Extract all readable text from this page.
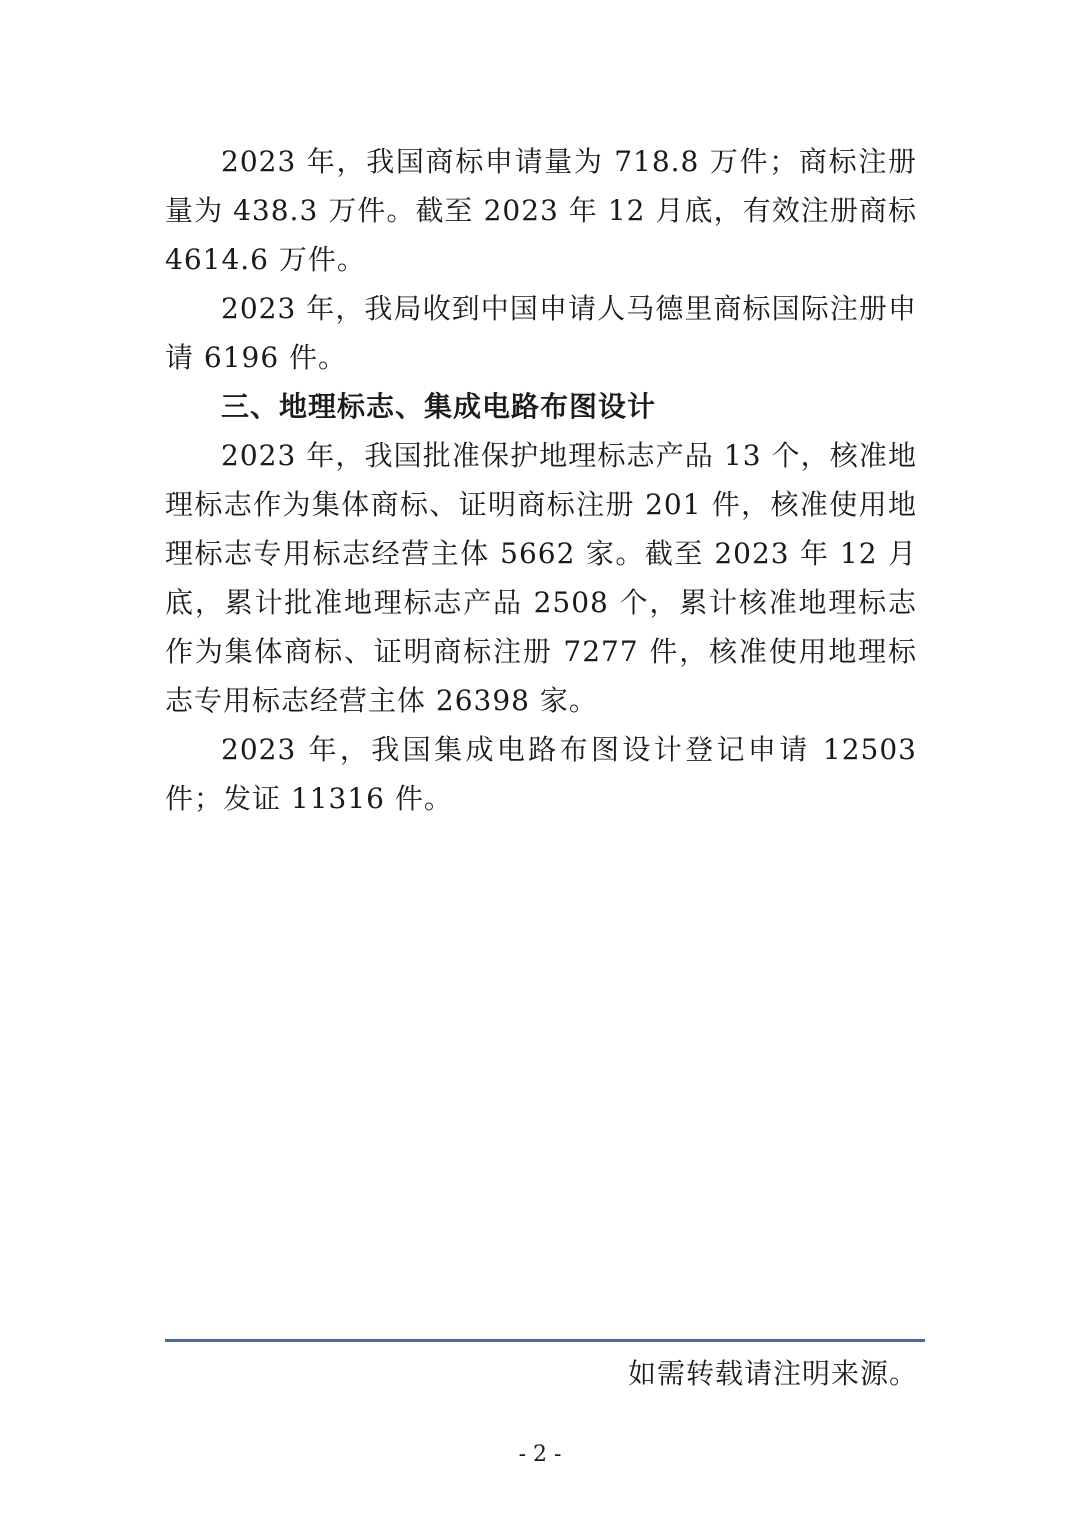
2023 年，我国商标申请量为 718.8 万件；商标注册量为 438.3 万件。截至 2023 年 12 月底，有效注册商标 4614.6 万件。

2023 年，我局收到中国申请人马德里商标国际注册申请 6196 件。

三、地理标志、集成电路布图设计

2023 年，我国批准保护地理标志产品 13 个，核准地理标志作为集体商标、证明商标注册 201 件，核准使用地理标志专用标志经营主体 5662 家。截至 2023 年 12 月底，累计批准地理标志产品 2508 个，累计核准地理标志作为集体商标、证明商标注册 7277 件，核准使用地理标志专用标志经营主体 26398 家。

2023 年，我国集成电路布图设计登记申请 12503 件；发证 11316 件。

如需转载请注明来源。
- 2 -
